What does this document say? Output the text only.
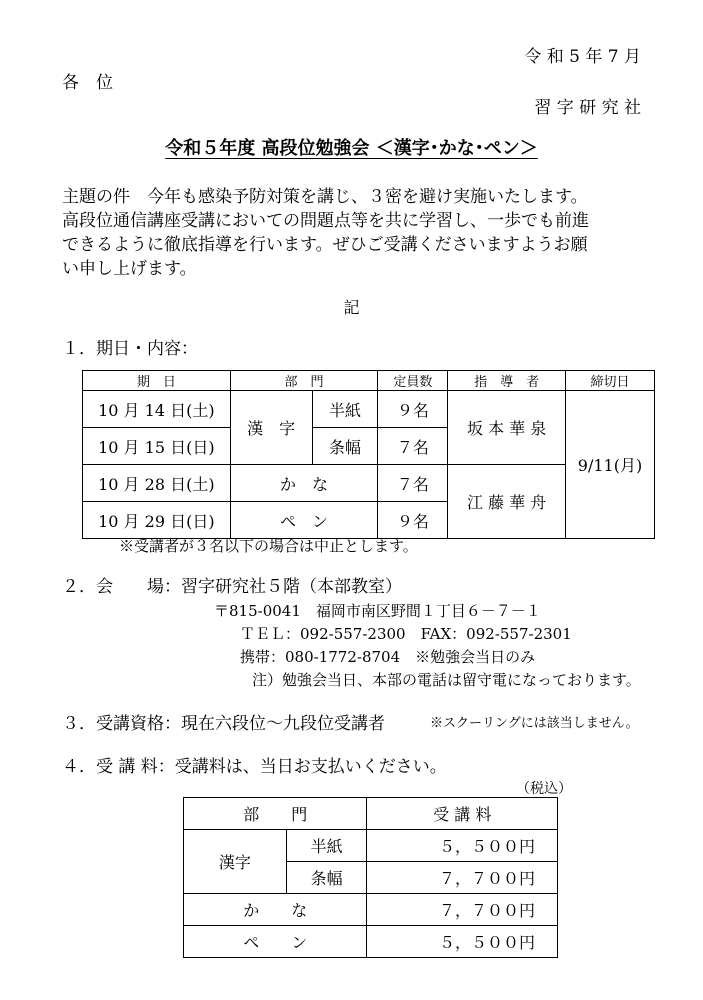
令 和 5 年 7 月
各　位
習 字 研 究 社
令和５年度 高段位勉強会 ＜漢字･かな･ペン＞
主題の件　今年も感染予防対策を講じ、３密を避け実施いたします。
高段位通信講座受講においての問題点等を共に学習し、一歩でも前進
できるように徹底指導を行います。ぜひご受講くださいますようお願
い申し上げます。
記
１．期日・内容：
期　日	部　門		定員数	指　導　者	締切日
10 月 14 日(土)	漢　字	半紙	９名	坂 本 華 泉	9/11(月)
10 月 15 日(日)		条幅	７名		
10 月 28 日(土)	か　な		７名	江 藤 華 舟	
10 月 29 日(日)	ペ　ン		９名		
※受講者が３名以下の場合は中止とします。
２．会　　場：習字研究社５階（本部教室）
〒815-0041　福岡市南区野間１丁目６－７－１
ＴＥＬ：092-557-2300　FAX：092-557-2301
携帯：080-1772-8704　※勉強会当日のみ
注）勉強会当日、本部の電話は留守電になっております。
３．受講資格：現在六段位～九段位受講者	※スクーリングには該当しません。
４．受 講 料：受講料は、当日お支払いください。
（税込）
部　　門		受 講 料
漢字	半紙	５，５００円
	条幅	７，７００円
か　　な		７，７００円
ペ　　ン		５，５００円
